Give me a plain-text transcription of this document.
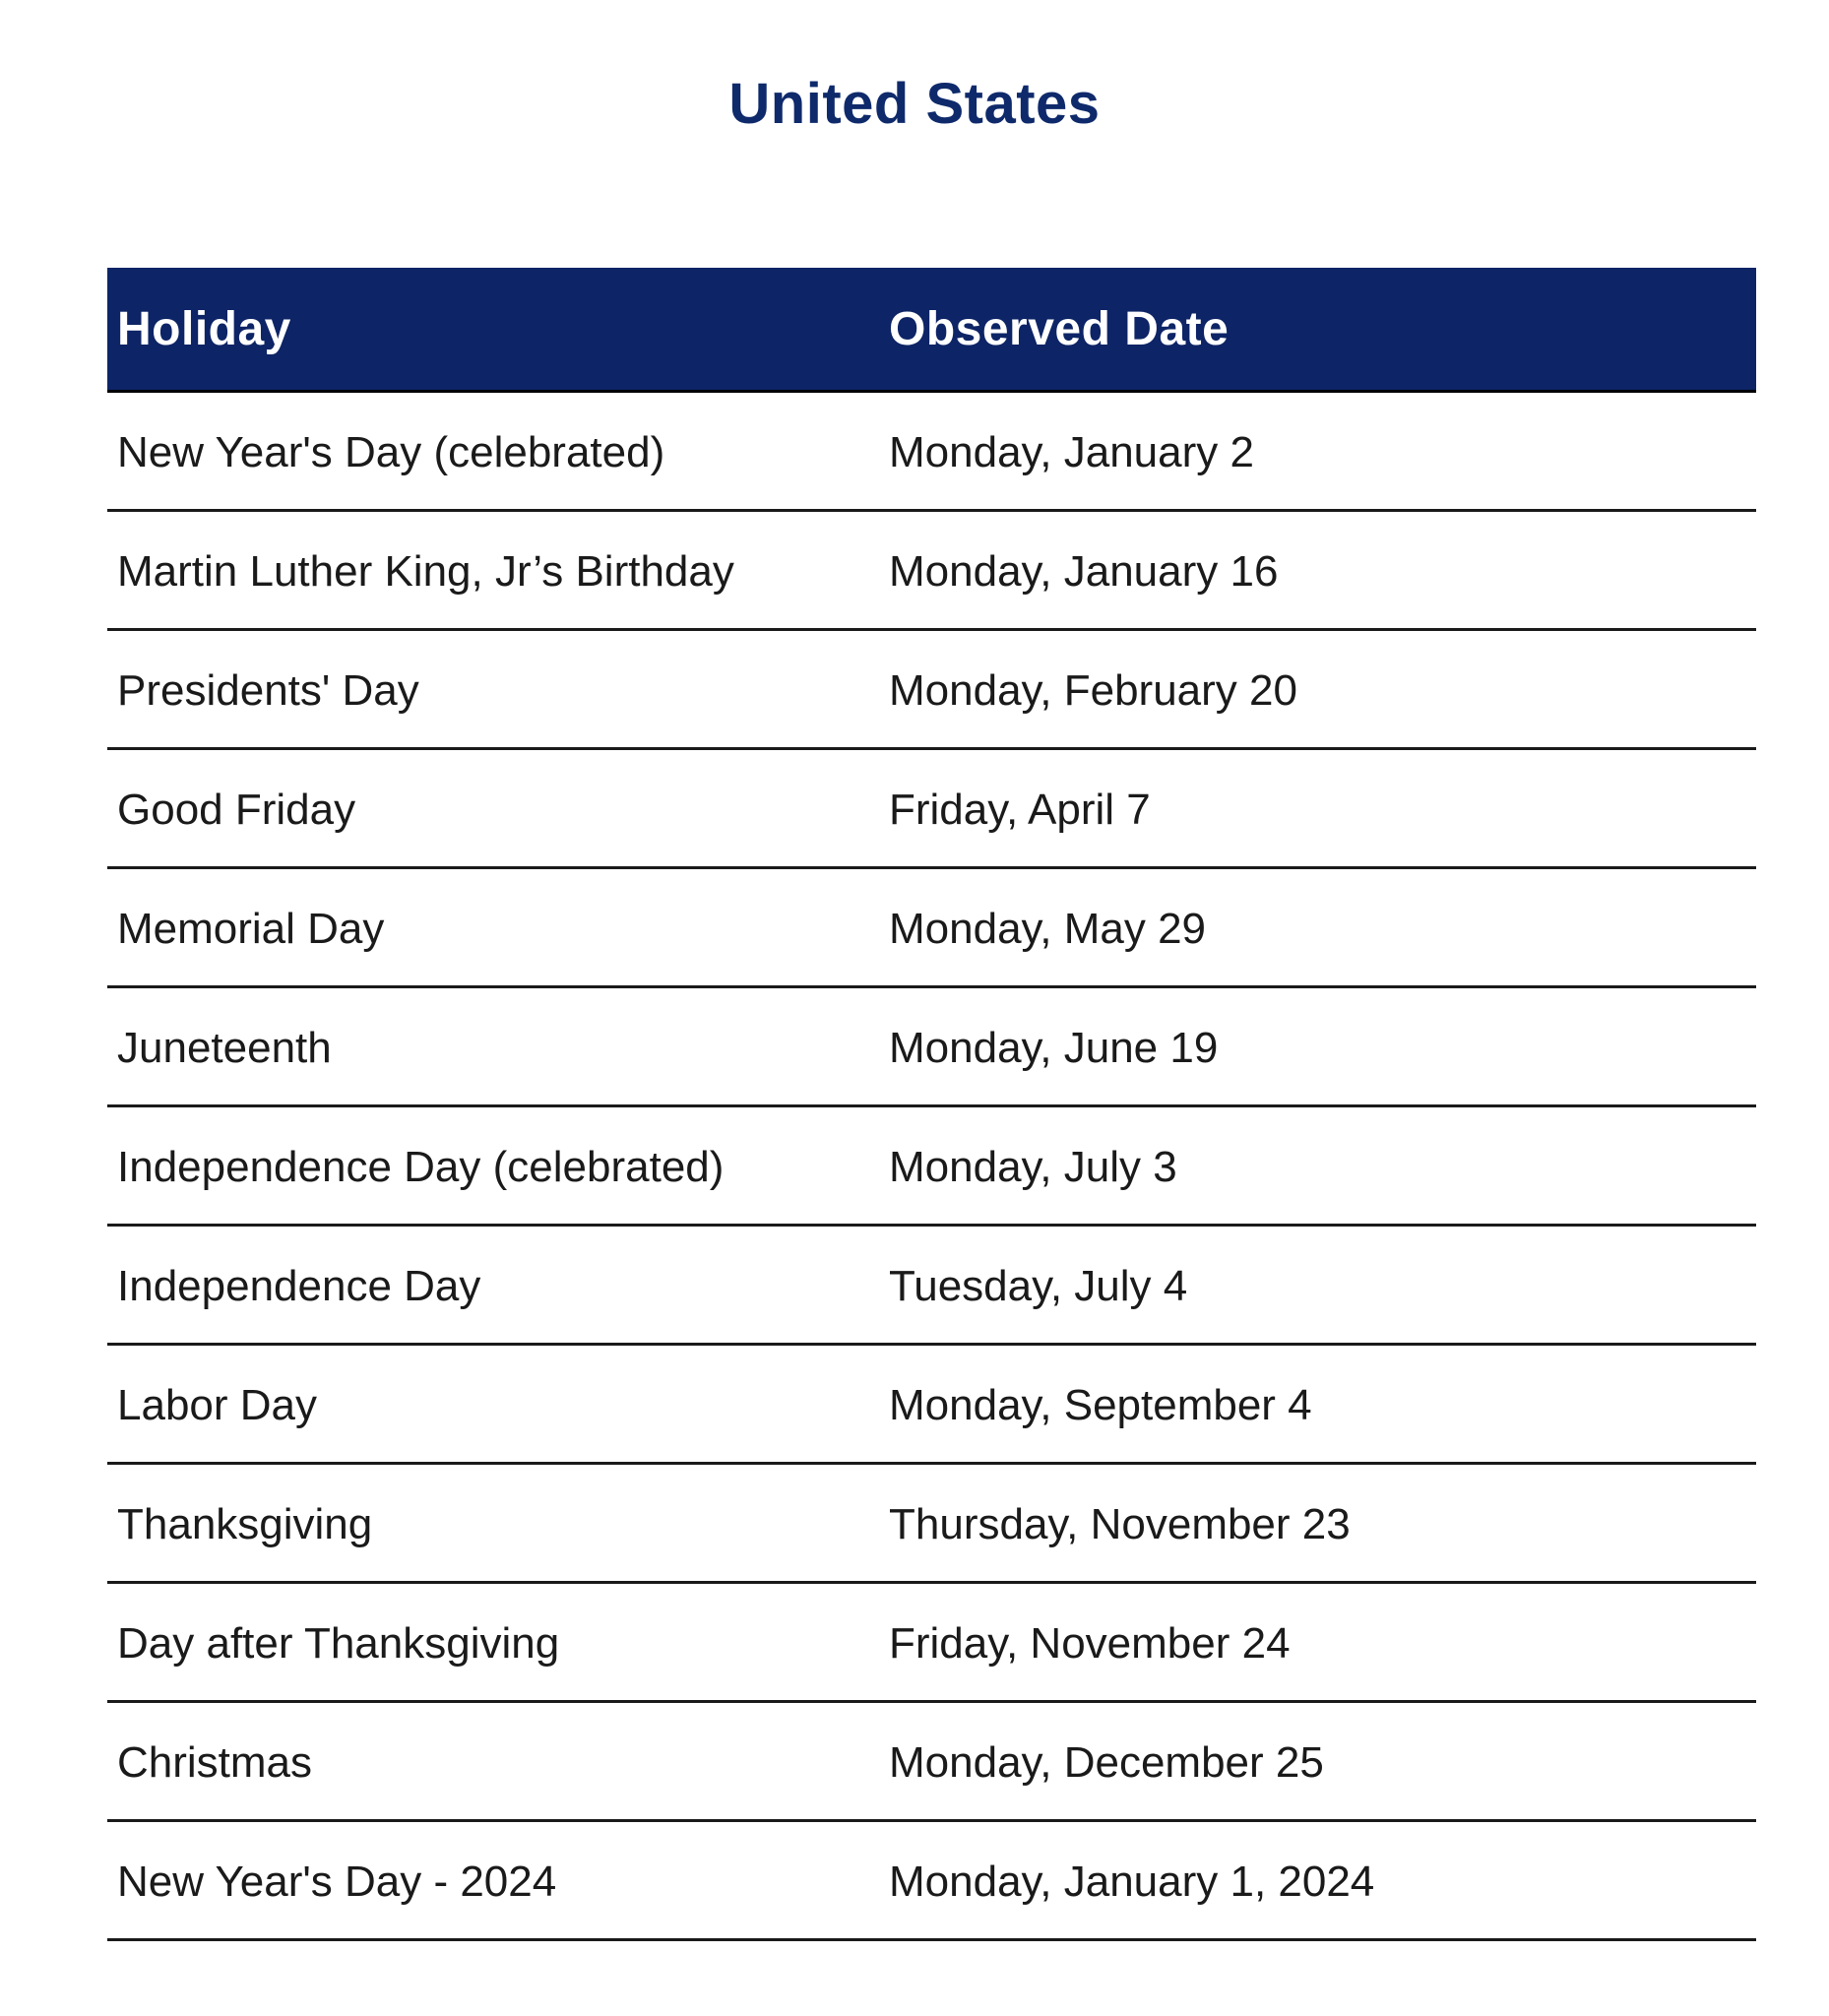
United States
Holiday	Observed Date
New Year's Day (celebrated)	Monday, January 2
Martin Luther King, Jr’s Birthday	Monday, January 16
Presidents' Day	Monday, February 20
Good Friday	Friday, April 7
Memorial Day	Monday, May 29
Juneteenth	Monday, June 19
Independence Day (celebrated)	Monday, July 3
Independence Day	Tuesday, July 4
Labor Day	Monday, September 4
Thanksgiving	Thursday, November 23
Day after Thanksgiving	Friday, November 24
Christmas	Monday, December 25
New Year's Day - 2024	Monday, January 1, 2024
